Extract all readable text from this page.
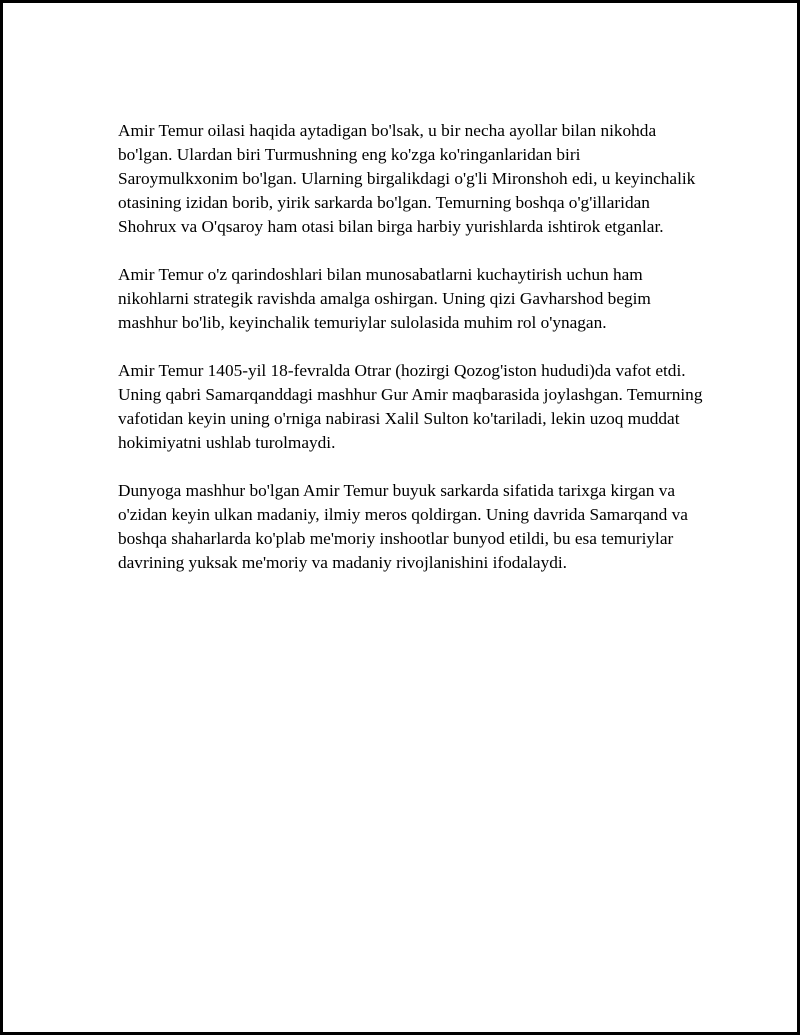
Amir Temur oilasi haqida aytadigan bo'lsak, u bir necha ayollar bilan nikohda bo'lgan. Ulardan biri Turmushning eng ko'zga ko'ringanlaridan biri Saroymulkxonim bo'lgan. Ularning birgalikdagi o'g'li Mironshoh edi, u keyinchalik otasining izidan borib, yirik sarkarda bo'lgan. Temurning boshqa o'g'illaridan Shohrux va O'qsaroy ham otasi bilan birga harbiy yurishlarda ishtirok etganlar.

Amir Temur o'z qarindoshlari bilan munosabatlarni kuchaytirish uchun ham nikohlarni strategik ravishda amalga oshirgan. Uning qizi Gavharshod begim mashhur bo'lib, keyinchalik temuriylar sulolasida muhim rol o'ynagan.

Amir Temur 1405-yil 18-fevralda Otrar (hozirgi Qozog'iston hududi)da vafot etdi. Uning qabri Samarqanddagi mashhur Gur Amir maqbarasida joylashgan. Temurning vafotidan keyin uning o'rniga nabirasi Xalil Sulton ko'tariladi, lekin uzoq muddat hokimiyatni ushlab turolmaydi.

Dunyoga mashhur bo'lgan Amir Temur buyuk sarkarda sifatida tarixga kirgan va o'zidan keyin ulkan madaniy, ilmiy meros qoldirgan. Uning davrida Samarqand va boshqa shaharlarda ko'plab me'moriy inshootlar bunyod etildi, bu esa temuriylar davrining yuksak me'moriy va madaniy rivojlanishini ifodalaydi.
